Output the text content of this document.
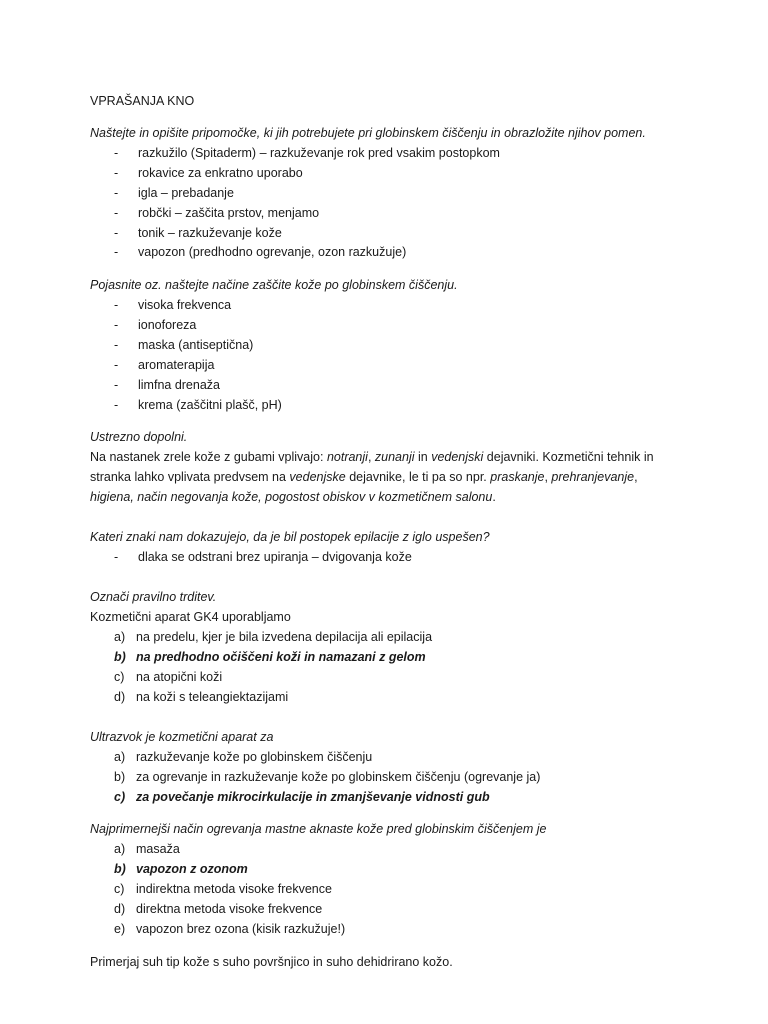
VPRAŠANJA KNO
Naštejte in opišite pripomočke, ki jih potrebujete pri globinskem čiščenju in obrazložite njihov pomen.
- razkužilo (Spitaderm) – razkuževanje rok pred vsakim postopkom
- rokavice za enkratno uporabo
- igla – prebadanje
- robčki – zaščita prstov, menjamo
- tonik – razkuževanje kože
- vapozon (predhodno ogrevanje, ozon razkužuje)
Pojasnite oz. naštejte načine zaščite kože po globinskem čiščenju.
- visoka frekvenca
- ionoforeza
- maska (antiseptična)
- aromaterapija
- limfna drenaža
- krema (zaščitni plašč, pH)
Ustrezno dopolni.
Na nastanek zrele kože z gubami vplivajo: notranji, zunanji in vedenjski dejavniki. Kozmetični tehnik in
stranka lahko vplivata predvsem na vedenjske dejavnike, le ti pa so npr. praskanje, prehranjevanje,
higiena, način negovanja kože, pogostost obiskov v kozmetičnem salonu.
Kateri znaki nam dokazujejo, da je bil postopek epilacije z iglo uspešen?
- dlaka se odstrani brez upiranja – dvigovanja kože
Označi pravilno trditev.
Kozmetični aparat GK4 uporabljamo
a) na predelu, kjer je bila izvedena depilacija ali epilacija
b) na predhodno očiščeni koži in namazani z gelom
c) na atopični koži
d) na koži s teleangiektazijami
Ultrazvok je kozmetični aparat za
a) razkuževanje kože po globinskem čiščenju
b) za ogrevanje in razkuževanje kože po globinskem čiščenju (ogrevanje ja)
c) za povečanje mikrocirkulacije in zmanjševanje vidnosti gub
Najprimernejši način ogrevanja mastne aknaste kože pred globinskim čiščenjem je
a) masaža
b) vapozon z ozonom
c) indirektna metoda visoke frekvence
d) direktna metoda visoke frekvence
e) vapozon brez ozona (kisik razkužuje!)
Primerjaj suh tip kože s suho površnjico in suho dehidrirano kožo.
